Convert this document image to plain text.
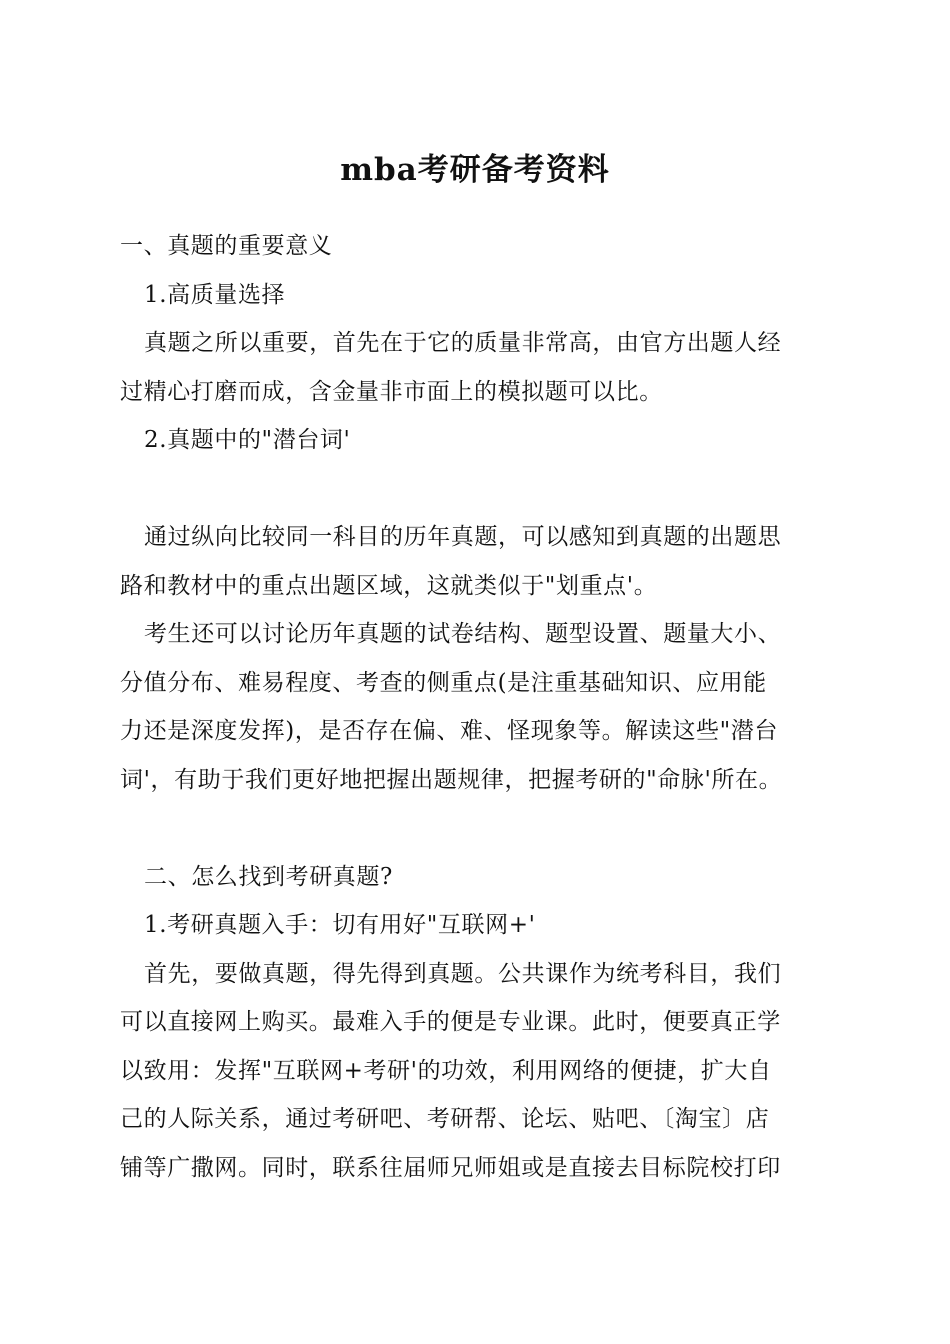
mba考研备考资料
一、真题的重要意义
1.高质量选择
真题之所以重要，首先在于它的质量非常高，由官方出题人经
过精心打磨而成，含金量非市面上的模拟题可以比。
2.真题中的"潜台词'
通过纵向比较同一科目的历年真题，可以感知到真题的出题思
路和教材中的重点出题区域，这就类似于"划重点'。
考生还可以讨论历年真题的试卷结构、题型设置、题量大小、
分值分布、难易程度、考查的侧重点(是注重基础知识、应用能
力还是深度发挥)，是否存在偏、难、怪现象等。解读这些"潜台
词'，有助于我们更好地把握出题规律，把握考研的"命脉'所在。
二、怎么找到考研真题?
1.考研真题入手：切有用好"互联网+'
首先，要做真题，得先得到真题。公共课作为统考科目，我们
可以直接网上购买。最难入手的便是专业课。此时，便要真正学
以致用：发挥"互联网+考研'的功效，利用网络的便捷，扩大自
己的人际关系，通过考研吧、考研帮、论坛、贴吧、〔淘宝〕店
铺等广撒网。同时，联系往届师兄师姐或是直接去目标院校打印
